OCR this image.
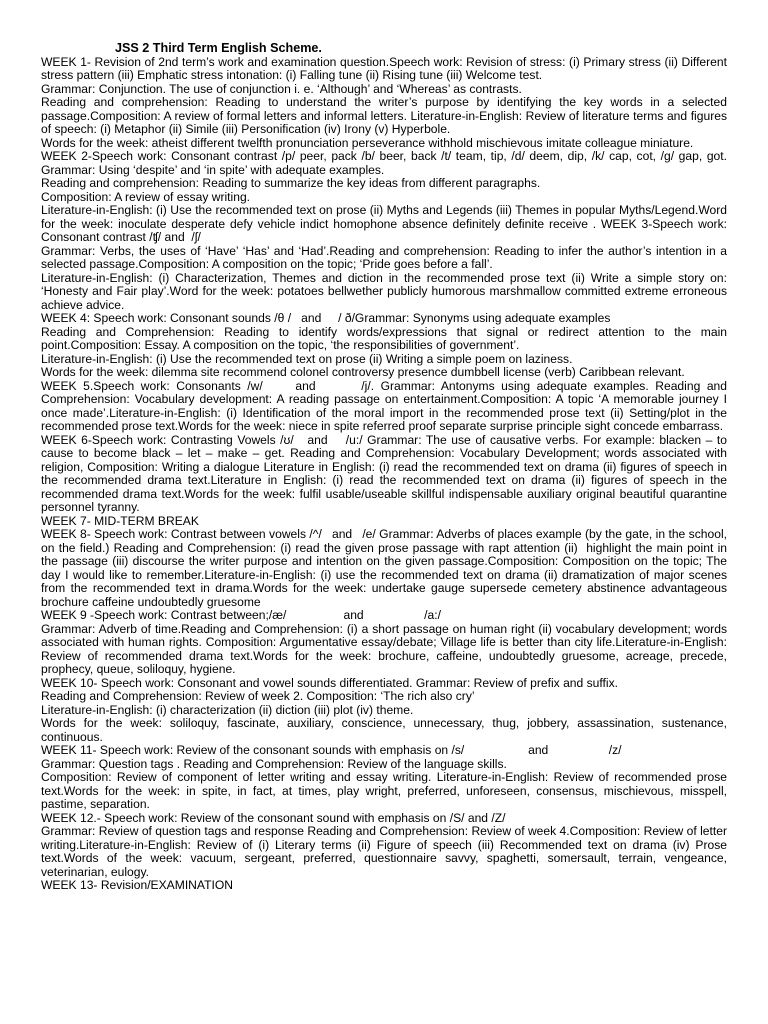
JSS 2 Third Term English Scheme.

WEEK 1- Revision of 2nd term’s work and examination question.Speech work: Revision of stress: (i) Primary stress (ii) Different stress pattern (iii) Emphatic stress intonation: (i) Falling tune (ii) Rising tune (iii) Welcome test.

Grammar: Conjunction. The use of conjunction i. e. ‘Although’ and ‘Whereas’ as contrasts.

Reading and comprehension: Reading to understand the writer’s purpose by identifying the key words in a selected passage.Composition: A review of formal letters and informal letters. Literature-in-English: Review of literature terms and figures of speech: (i) Metaphor (ii) Simile (iii) Personification (iv) Irony (v) Hyperbole.

Words for the week: atheist different twelfth pronunciation perseverance withhold mischievous imitate colleague miniature.

WEEK 2-Speech work: Consonant contrast /p/ peer, pack /b/ beer, back /t/ team, tip, /d/ deem, dip, /k/ cap, cot, /g/ gap, got. Grammar: Using ‘despite’ and ‘in spite’ with adequate examples.

Reading and comprehension: Reading to summarize the key ideas from different paragraphs.

Composition: A review of essay writing.

Literature-in-English: (i) Use the recommended text on prose (ii) Myths and Legends (iii) Themes in popular Myths/Legend.Word for the week: inoculate desperate defy vehicle indict homophone absence definitely definite receive . WEEK 3-Speech work: Consonant contrast /ʧ/ and  /ʃ/

Grammar: Verbs, the uses of ‘Have’ ‘Has’ and ‘Had’.Reading and comprehension: Reading to infer the author’s intention in a selected passage.Composition: A composition on the topic; ‘Pride goes before a fall’.

Literature-in-English: (i) Characterization, Themes and diction in the recommended prose text (ii) Write a simple story on: ‘Honesty and Fair play’.Word for the week: potatoes bellwether publicly humorous marshmallow committed extreme erroneous achieve advice.

WEEK 4: Speech work: Consonant sounds /θ /   and     / ð/Grammar: Synonyms using adequate examples

Reading and Comprehension: Reading to identify words/expressions that signal or redirect attention to the main point.Composition: Essay. A composition on the topic, ‘the responsibilities of government’.

Literature-in-English: (i) Use the recommended text on prose (ii) Writing a simple poem on laziness.

Words for the week: dilemma site recommend colonel controversy presence dumbbell license (verb) Caribbean relevant.

WEEK 5.Speech work: Consonants /w/     and       /j/. Grammar: Antonyms using adequate examples. Reading and Comprehension: Vocabulary development: A reading passage on entertainment.Composition: A topic ‘A memorable journey I once made’.Literature-in-English: (i) Identification of the moral import in the recommended prose text (ii) Setting/plot in the recommended prose text.Words for the week: niece in spite referred proof separate surprise principle sight concede embarrass.

WEEK 6-Speech work: Contrasting Vowels /ʊ/   and    /u:/ Grammar: The use of causative verbs. For example: blacken – to cause to become black – let – make – get. Reading and Comprehension: Vocabulary Development; words associated with religion, Composition: Writing a dialogue Literature in English: (i) read the recommended text on drama (ii) figures of speech in the recommended drama text.Literature in English: (i) read the recommended text on drama (ii) figures of speech in the recommended drama text.Words for the week: fulfil usable/useable skillful indispensable auxiliary original beautiful quarantine personnel tyranny.

WEEK 7- MID-TERM BREAK

WEEK 8- Speech work: Contrast between vowels /^/   and   /e/ Grammar: Adverbs of places example (by the gate, in the school, on the field.) Reading and Comprehension: (i) read the given prose passage with rapt attention (ii)  highlight the main point in the passage (iii) discourse the writer purpose and intention on the given passage.Composition: Composition on the topic; The day I would like to remember.Literature-in-English: (i) use the recommended text on drama (ii) dramatization of major scenes from the recommended text in drama.Words for the week: undertake gauge supersede cemetery abstinence advantageous brochure caffeine undoubtedly gruesome

WEEK 9 -Speech work: Contrast between;/æ/                 and                  /a:/

Grammar: Adverb of time.Reading and Comprehension: (i) a short passage on human right (ii) vocabulary development; words associated with human rights. Composition: Argumentative essay/debate; Village life is better than city life.Literature-in-English: Review of recommended drama text.Words for the week: brochure, caffeine, undoubtedly gruesome, acreage, precede, prophecy, queue, soliloquy, hygiene.

WEEK 10- Speech work: Consonant and vowel sounds differentiated. Grammar: Review of prefix and suffix.

Reading and Comprehension: Review of week 2. Composition: ‘The rich also cry’

Literature-in-English: (i) characterization (ii) diction (iii) plot (iv) theme.

Words for the week: soliloquy, fascinate, auxiliary, conscience, unnecessary, thug, jobbery, assassination, sustenance, continuous.

WEEK 11- Speech work: Review of the consonant sounds with emphasis on /s/                   and                  /z/

Grammar: Question tags . Reading and Comprehension: Review of the language skills.

Composition: Review of component of letter writing and essay writing. Literature-in-English: Review of recommended prose text.Words for the week: in spite, in fact, at times, play wright, preferred, unforeseen, consensus, mischievous, misspell, pastime, separation.

WEEK 12.- Speech work: Review of the consonant sound with emphasis on /S/ and /Z/

Grammar: Review of question tags and response Reading and Comprehension: Review of week 4.Composition: Review of letter writing.Literature-in-English: Review of (i) Literary terms (ii) Figure of speech (iii) Recommended text on drama (iv) Prose text.Words of the week: vacuum, sergeant, preferred, questionnaire savvy, spaghetti, somersault, terrain, vengeance, veterinarian, eulogy.

WEEK 13- Revision/EXAMINATION
